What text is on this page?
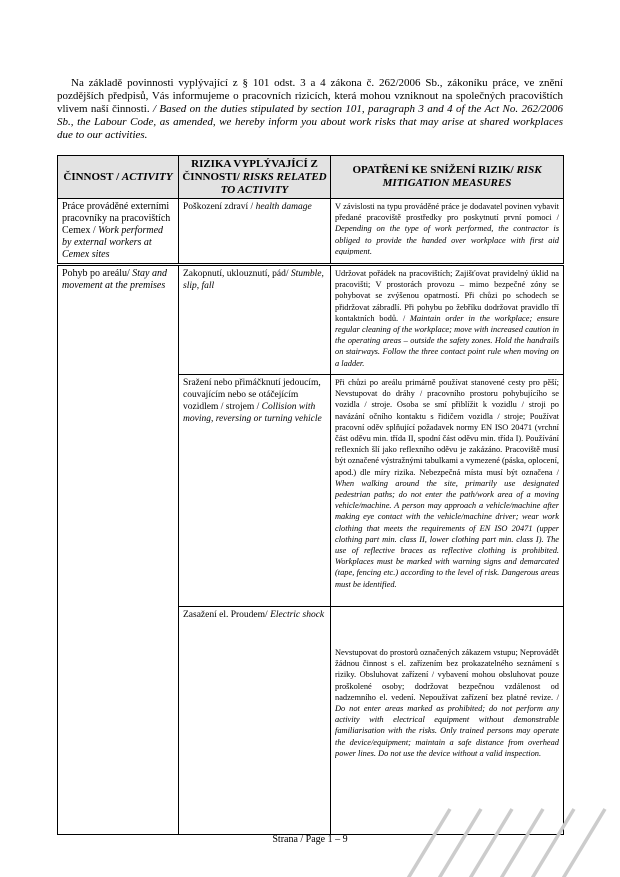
Na základě povinnosti vyplývající z § 101 odst. 3 a 4 zákona č. 262/2006 Sb., zákoníku práce, ve znění pozdějších předpisů, Vás informujeme o pracovních rizicích, která mohou vzniknout na společných pracovištích vlivem naší činnosti. / Based on the duties stipulated by section 101, paragraph 3 and 4 of the Act No. 262/2006 Sb., the Labour Code, as amended, we hereby inform you about work risks that may arise at shared workplaces due to our activities.

ČINNOST / ACTIVITY	RIZIKA VYPLÝVAJÍCÍ Z ČINNOSTI/ RISKS RELATED TO ACTIVITY	OPATŘENÍ KE SNÍŽENÍ RIZIK/ RISK MITIGATION MEASURES
Práce prováděné externími pracovníky na pracovištích Cemex / Work performed by external workers at Cemex sites	Poškození zdraví / health damage	V závislosti na typu prováděné práce je dodavatel povinen vybavit předané pracoviště prostředky pro poskytnutí první pomoci / Depending on the type of work performed, the contractor is obliged to provide the handed over workplace with first aid equipment.

Pohyb po areálu/ Stay and movement at the premises	Zakopnutí, uklouznutí, pád/ Stumble, slip, fall	Udržovat pořádek na pracovištích; Zajišťovat pravidelný úklid na pracovišti; V prostorách provozu – mimo bezpečné zóny se pohybovat se zvýšenou opatrností. Při chůzi po schodech se přidržovat zábradlí. Při pohybu po žebříku dodržovat pravidlo tří kontaktních bodů. / Maintain order in the workplace; ensure regular cleaning of the workplace; move with increased caution in the operating areas – outside the safety zones. Hold the handrails on stairways. Follow the three contact point rule when moving on a ladder.

	Sražení nebo přimáčknutí jedoucím, couvajícím nebo se otáčejícím vozidlem / strojem / Collision with moving, reversing or turning vehicle	Při chůzi po areálu primárně používat stanovené cesty pro pěší; Nevstupovat do dráhy / pracovního prostoru pohybujícího se vozidla / stroje. Osoba se smí přiblížit k vozidlu / stroji po navázání očního kontaktu s řidičem vozidla / stroje; Používat pracovní oděv splňující požadavek normy EN ISO 20471 (vrchní část oděvu min. třída II, spodní část oděvu min. třída I). Používání reflexních šlí jako reflexního oděvu je zakázáno. Pracoviště musí být označené výstražnými tabulkami a vymezené (páska, oplocení, apod.) dle míry rizika. Nebezpečná místa musí být označena / When walking around the site, primarily use designated pedestrian paths; do not enter the path/work area of a moving vehicle/machine. A person may approach a vehicle/machine after making eye contact with the vehicle/machine driver; wear work clothing that meets the requirements of EN ISO 20471 (upper clothing part min. class II, lower clothing part min. class I). The use of reflective braces as reflective clothing is prohibited. Workplaces must be marked with warning signs and demarcated (tape, fencing etc.) according to the level of risk. Dangerous areas must be identified.

	Zasažení el. Proudem/ Electric shock	Nevstupovat do prostorů označených zákazem vstupu; Neprovádět žádnou činnost s el. zařízením bez prokazatelného seznámení s riziky. Obsluhovat zařízení / vybavení mohou obsluhovat pouze proškolené osoby; dodržovat bezpečnou vzdálenost od nadzemního el. vedení. Nepoužívat zařízení bez platné revize. / Do not enter areas marked as prohibited; do not perform any activity with electrical equipment without demonstrable familiarisation with the risks. Only trained persons may operate the device/equipment; maintain a safe distance from overhead power lines. Do not use the device without a valid inspection.
Strana / Page 1 – 9
